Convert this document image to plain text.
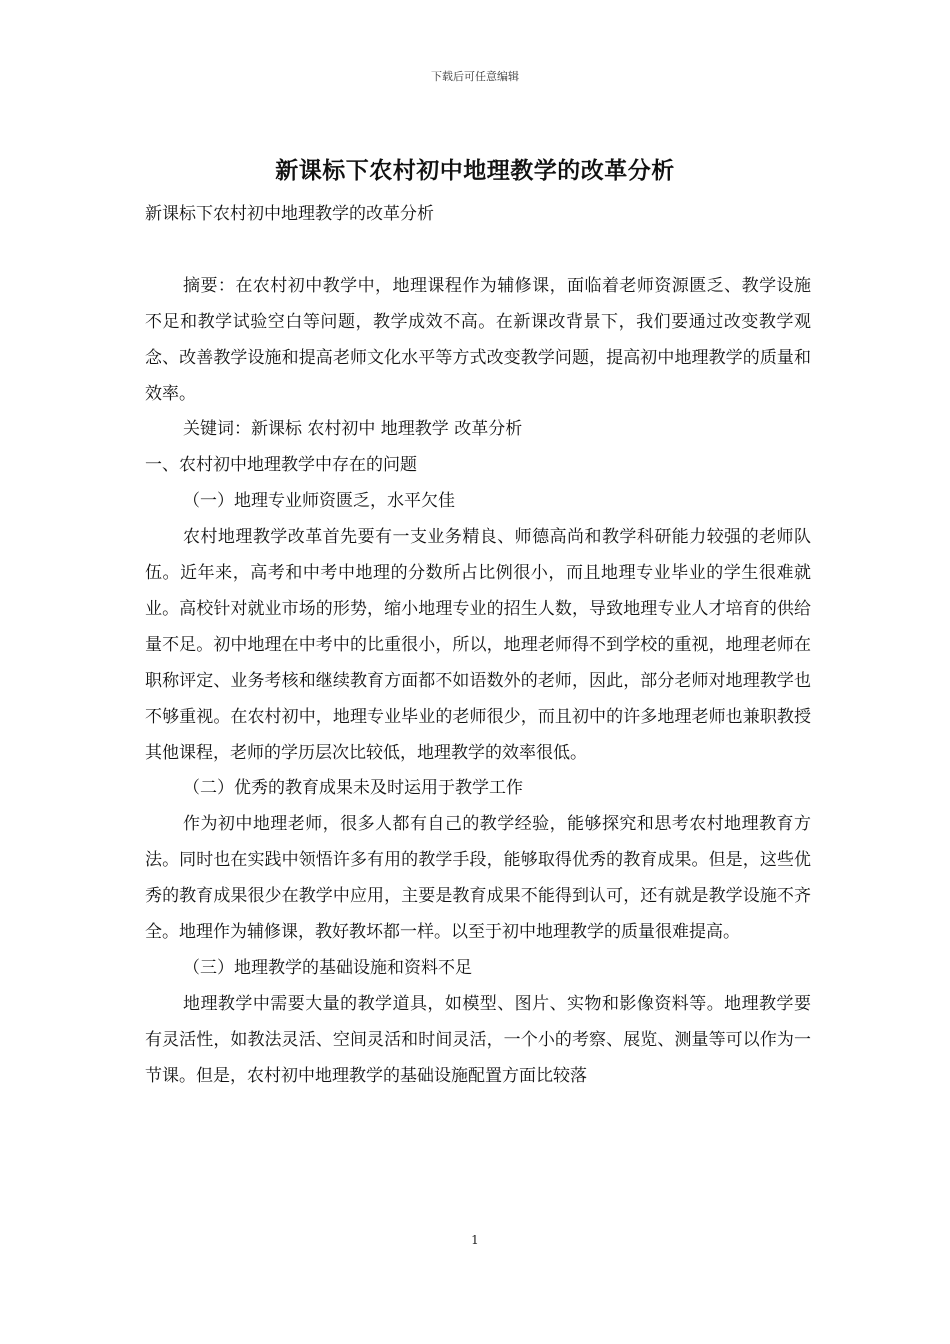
下载后可任意编辑
新课标下农村初中地理教学的改革分析

新课标下农村初中地理教学的改革分析

摘要：在农村初中教学中，地理课程作为辅修课，面临着老师资源匮乏、教学设施不足和教学试验空白等问题，教学成效不高。在新课改背景下，我们要通过改变教学观念、改善教学设施和提高老师文化水平等方式改变教学问题，提高初中地理教学的质量和效率。

关键词：新课标 农村初中 地理教学 改革分析

一、农村初中地理教学中存在的问题

（一）地理专业师资匮乏，水平欠佳

农村地理教学改革首先要有一支业务精良、师德高尚和教学科研能力较强的老师队伍。近年来，高考和中考中地理的分数所占比例很小，而且地理专业毕业的学生很难就业。高校针对就业市场的形势，缩小地理专业的招生人数，导致地理专业人才培育的供给量不足。初中地理在中考中的比重很小，所以，地理老师得不到学校的重视，地理老师在职称评定、业务考核和继续教育方面都不如语数外的老师，因此，部分老师对地理教学也不够重视。在农村初中，地理专业毕业的老师很少，而且初中的许多地理老师也兼职教授其他课程，老师的学历层次比较低，地理教学的效率很低。

（二）优秀的教育成果未及时运用于教学工作

作为初中地理老师，很多人都有自己的教学经验，能够探究和思考农村地理教育方法。同时也在实践中领悟许多有用的教学手段，能够取得优秀的教育成果。但是，这些优秀的教育成果很少在教学中应用，主要是教育成果不能得到认可，还有就是教学设施不齐全。地理作为辅修课，教好教坏都一样。以至于初中地理教学的质量很难提高。

（三）地理教学的基础设施和资料不足

地理教学中需要大量的教学道具，如模型、图片、实物和影像资料等。地理教学要有灵活性，如教法灵活、空间灵活和时间灵活，一个小的考察、展览、测量等可以作为一节课。但是，农村初中地理教学的基础设施配置方面比较落

1
